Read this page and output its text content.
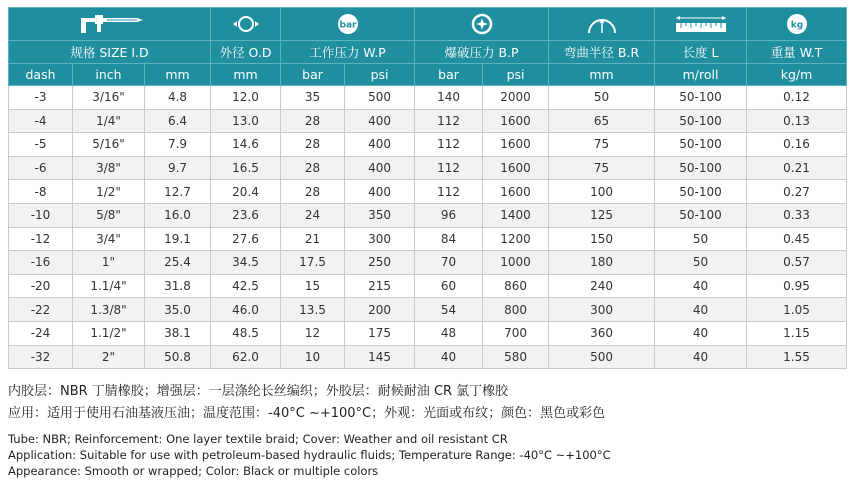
bar						kg

规格 SIZE I.D			外径 O.D	工作压力 W.P		爆破压力 B.P		弯曲半径 B.R	长度 L	重量 W.T
dash	inch	mm	mm	bar	psi	bar	psi	mm	m/roll	kg/m
-3	3/16"	4.8	12.0	35	500	140	2000	50	50-100	0.12
-4	1/4"	6.4	13.0	28	400	112	1600	65	50-100	0.13
-5	5/16"	7.9	14.6	28	400	112	1600	75	50-100	0.16
-6	3/8"	9.7	16.5	28	400	112	1600	75	50-100	0.21
-8	1/2"	12.7	20.4	28	400	112	1600	100	50-100	0.27
-10	5/8"	16.0	23.6	24	350	96	1400	125	50-100	0.33
-12	3/4"	19.1	27.6	21	300	84	1200	150	50	0.45
-16	1"	25.4	34.5	17.5	250	70	1000	180	50	0.57
-20	1.1/4"	31.8	42.5	15	215	60	860	240	40	0.95
-22	1.3/8"	35.0	46.0	13.5	200	54	800	300	40	1.05
-24	1.1/2"	38.1	48.5	12	175	48	700	360	40	1.15
-32	2"	50.8	62.0	10	145	40	580	500	40	1.55
内胶层：NBR 丁腈橡胶；增强层：一层涤纶长丝编织；外胶层：耐候耐油 CR 氯丁橡胶
应用：适用于使用石油基液压油；温度范围：-40°C ~+100°C；外观：光面或布纹；颜色：黑色或彩色
Tube: NBR; Reinforcement: One layer textile braid; Cover: Weather and oil resistant CR
Application: Suitable for use with petroleum-based hydraulic fluids; Temperature Range: -40°C ~+100°C
Appearance: Smooth or wrapped; Color: Black or multiple colors
